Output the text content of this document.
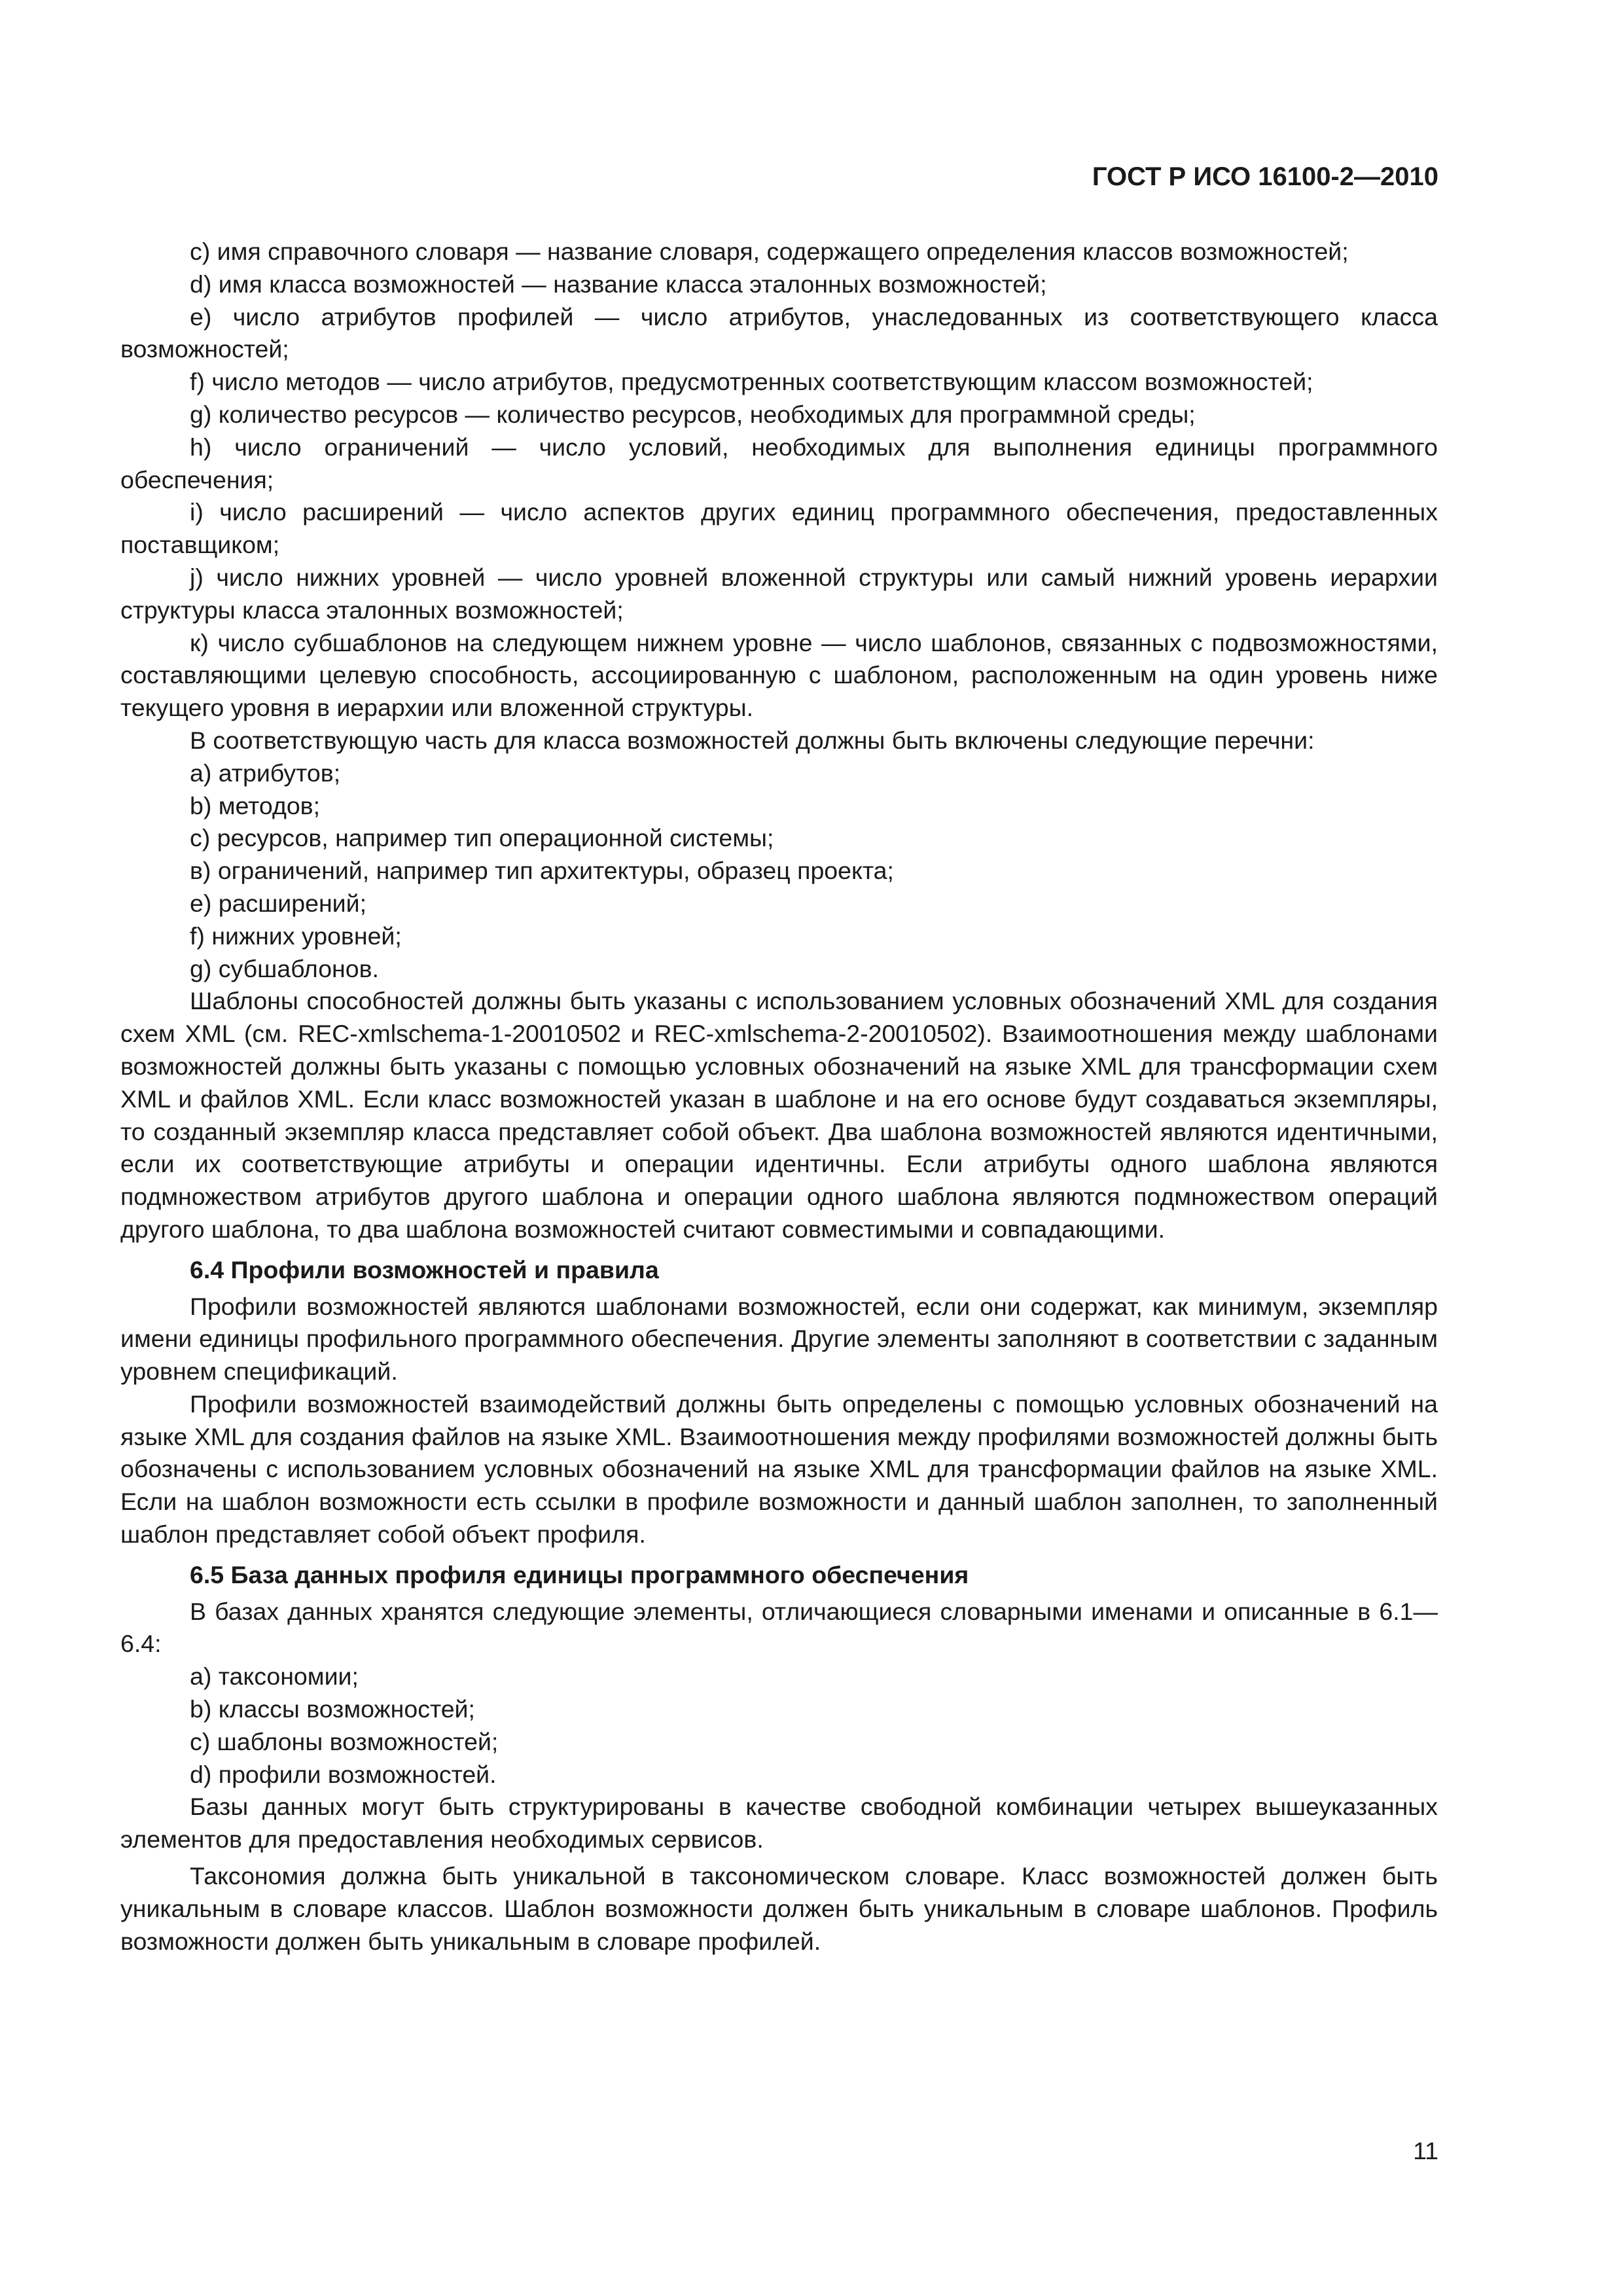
ГОСТ Р ИСО 16100-2—2010

c) имя справочного словаря — название словаря, содержащего определения классов возможностей;

d) имя класса возможностей — название класса эталонных возможностей;

e) число атрибутов профилей — число атрибутов, унаследованных из соответствующего класса возможностей;

f) число методов — число атрибутов, предусмотренных соответствующим классом возможностей;

g) количество ресурсов — количество ресурсов, необходимых для программной среды;

h) число ограничений — число условий, необходимых для выполнения единицы программного обеспечения;

i) число расширений — число аспектов других единиц программного обеспечения, предоставленных поставщиком;

j) число нижних уровней — число уровней вложенной структуры или самый нижний уровень иерархии структуры класса эталонных возможностей;

к) число субшаблонов на следующем нижнем уровне — число шаблонов, связанных с подвозможностями, составляющими целевую способность, ассоциированную с шаблоном, расположенным на один уровень ниже текущего уровня в иерархии или вложенной структуры.

В соответствующую часть для класса возможностей должны быть включены следующие перечни:

a) атрибутов;

b) методов;

c) ресурсов, например тип операционной системы;

в) ограничений, например тип архитектуры, образец проекта;

e) расширений;

f) нижних уровней;

g) субшаблонов.

Шаблоны способностей должны быть указаны с использованием условных обозначений XML для создания схем XML (см. REC-xmlschema-1-20010502 и REC-xmlschema-2-20010502). Взаимоотношения между шаблонами возможностей должны быть указаны с помощью условных обозначений на языке XML для трансформации схем XML и файлов XML. Если класс возможностей указан в шаблоне и на его основе будут создаваться экземпляры, то созданный экземпляр класса представляет собой объект. Два шаблона возможностей являются идентичными, если их соответствующие атрибуты и операции идентичны. Если атрибуты одного шаблона являются подмножеством атрибутов другого шаблона и операции одного шаблона являются подмножеством операций другого шаблона, то два шаблона возможностей считают совместимыми и совпадающими.

6.4 Профили возможностей и правила

Профили возможностей являются шаблонами возможностей, если они содержат, как минимум, экземпляр имени единицы профильного программного обеспечения. Другие элементы заполняют в соответствии с заданным уровнем спецификаций.

Профили возможностей взаимодействий должны быть определены с помощью условных обозначений на языке XML для создания файлов на языке XML. Взаимоотношения между профилями возможностей должны быть обозначены с использованием условных обозначений на языке XML для трансформации файлов на языке XML. Если на шаблон возможности есть ссылки в профиле возможности и данный шаблон заполнен, то заполненный шаблон представляет собой объект профиля.

6.5 База данных профиля единицы программного обеспечения

В базах данных хранятся следующие элементы, отличающиеся словарными именами и описанные в 6.1—6.4:

a) таксономии;

b) классы возможностей;

c) шаблоны возможностей;

d) профили возможностей.

Базы данных могут быть структурированы в качестве свободной комбинации четырех вышеуказанных элементов для предоставления необходимых сервисов.

Таксономия должна быть уникальной в таксономическом словаре. Класс возможностей должен быть уникальным в словаре классов. Шаблон возможности должен быть уникальным в словаре шаблонов. Профиль возможности должен быть уникальным в словаре профилей.

11
